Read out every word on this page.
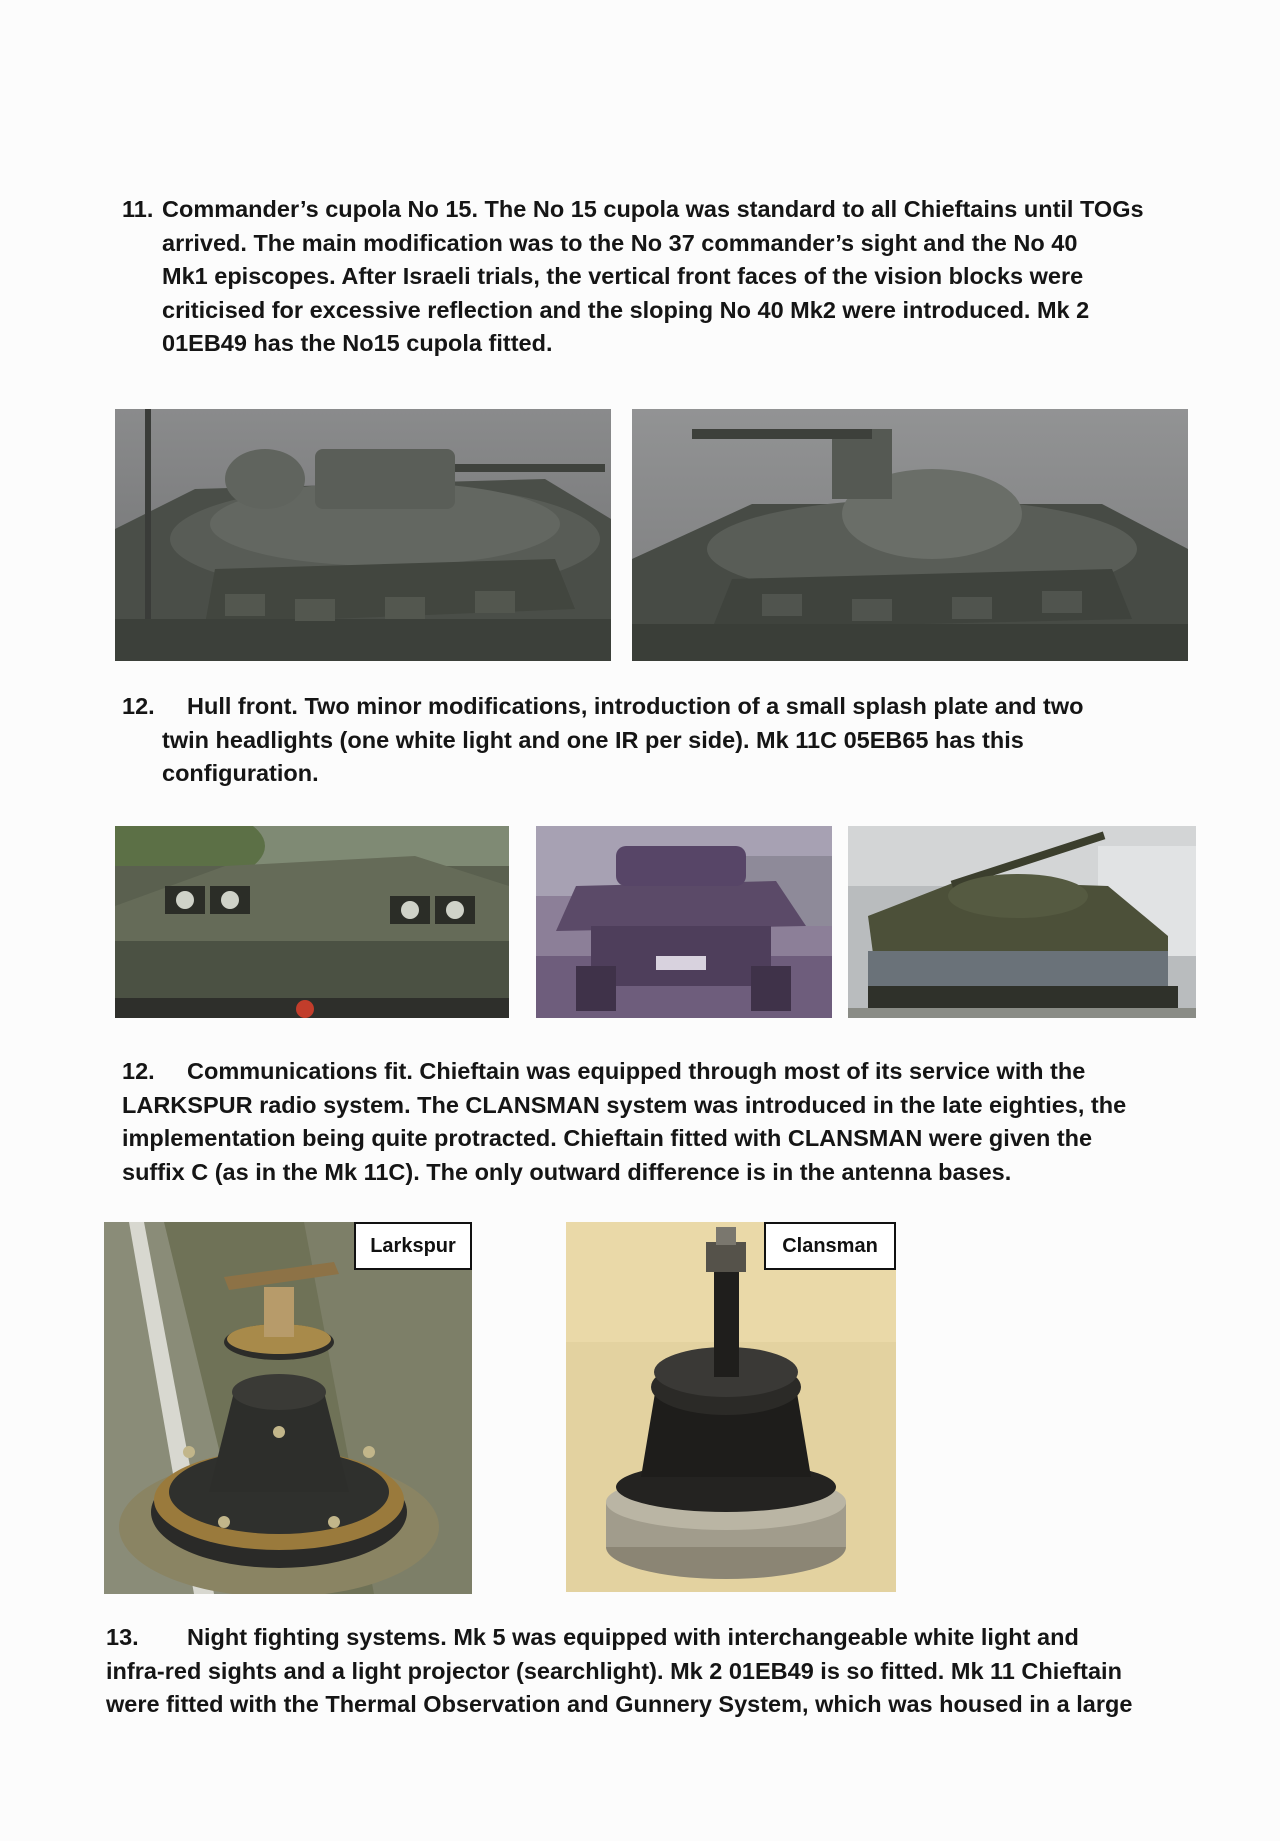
11. Commander’s cupola No 15. The No 15 cupola was standard to all Chieftains until TOGs

arrived. The main modification was to the No 37 commander’s sight and the No 40

Mk1 episcopes. After Israeli trials, the vertical front faces of the vision blocks were

criticised for excessive reflection and the sloping No 40 Mk2 were introduced. Mk 2

01EB49 has the No15 cupola fitted.

12. Hull front. Two minor modifications, introduction of a small splash plate and two

twin headlights (one white light and one IR per side). Mk 11C 05EB65 has this

configuration.

12. Communications fit. Chieftain was equipped through most of its service with the

LARKSPUR radio system. The CLANSMAN system was introduced in the late eighties, the

implementation being quite protracted. Chieftain fitted with CLANSMAN were given the

suffix C (as in the Mk 11C). The only outward difference is in the antenna bases.

Larkspur	Clansman

13. Night fighting systems. Mk 5 was equipped with interchangeable white light and

infra-red sights and a light projector (searchlight). Mk 2 01EB49 is so fitted. Mk 11 Chieftain

were fitted with the Thermal Observation and Gunnery System, which was housed in a large
